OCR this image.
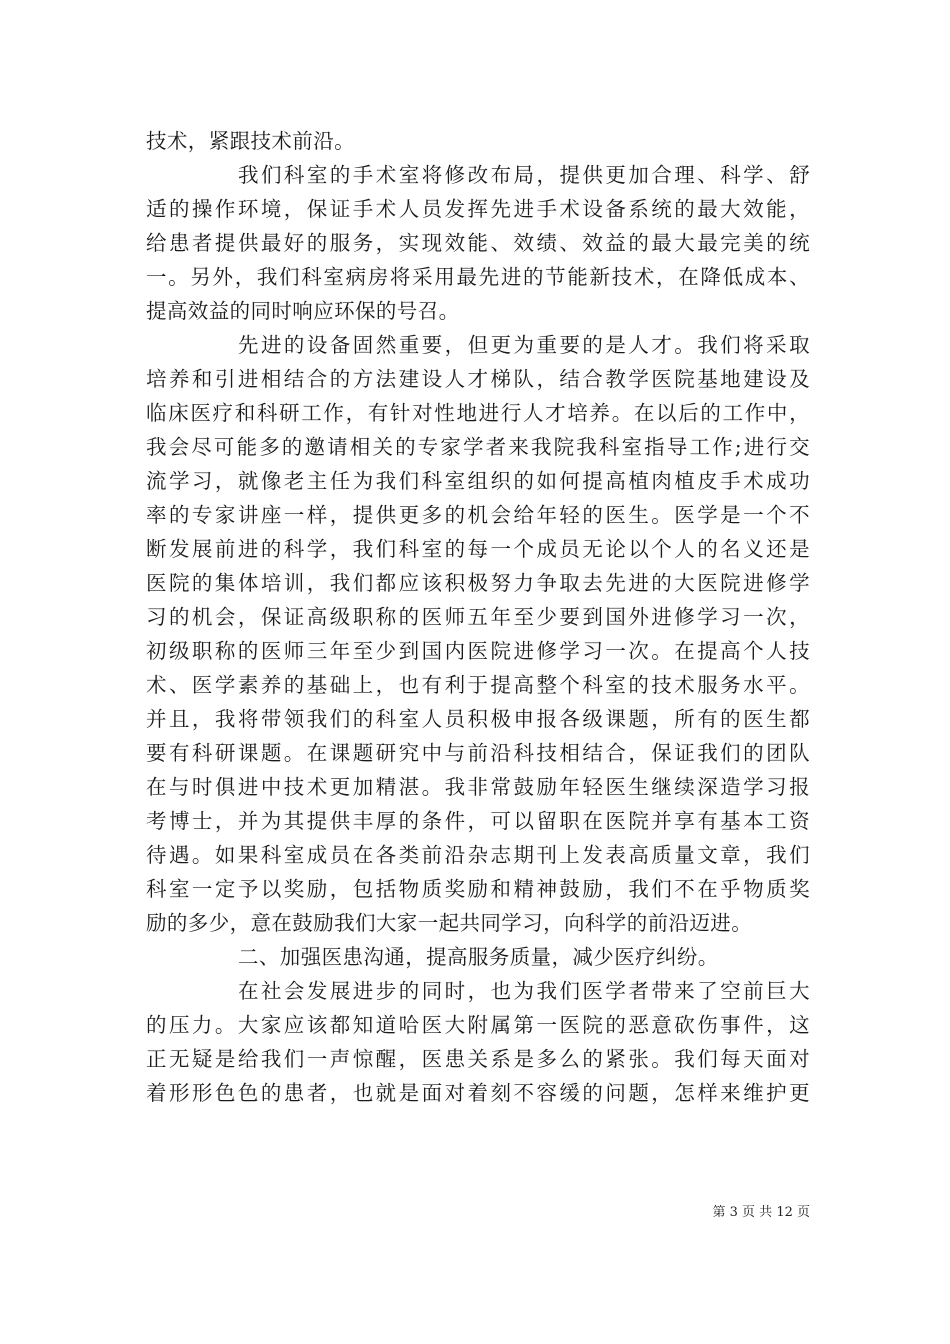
技术，紧跟技术前沿。
我们科室的手术室将修改布局，提供更加合理、科学、舒
适的操作环境，保证手术人员发挥先进手术设备系统的最大效能，
给患者提供最好的服务，实现效能、效绩、效益的最大最完美的统
一。另外，我们科室病房将采用最先进的节能新技术，在降低成本、
提高效益的同时响应环保的号召。
先进的设备固然重要，但更为重要的是人才。我们将采取
培养和引进相结合的方法建设人才梯队，结合教学医院基地建设及
临床医疗和科研工作，有针对性地进行人才培养。在以后的工作中，
我会尽可能多的邀请相关的专家学者来我院我科室指导工作;进行交
流学习，就像老主任为我们科室组织的如何提高植肉植皮手术成功
率的专家讲座一样，提供更多的机会给年轻的医生。医学是一个不
断发展前进的科学，我们科室的每一个成员无论以个人的名义还是
医院的集体培训，我们都应该积极努力争取去先进的大医院进修学
习的机会，保证高级职称的医师五年至少要到国外进修学习一次，
初级职称的医师三年至少到国内医院进修学习一次。在提高个人技
术、医学素养的基础上，也有利于提高整个科室的技术服务水平。
并且，我将带领我们的科室人员积极申报各级课题，所有的医生都
要有科研课题。在课题研究中与前沿科技相结合，保证我们的团队
在与时俱进中技术更加精湛。我非常鼓励年轻医生继续深造学习报
考博士，并为其提供丰厚的条件，可以留职在医院并享有基本工资
待遇。如果科室成员在各类前沿杂志期刊上发表高质量文章，我们
科室一定予以奖励，包括物质奖励和精神鼓励，我们不在乎物质奖
励的多少，意在鼓励我们大家一起共同学习，向科学的前沿迈进。
二、加强医患沟通，提高服务质量，减少医疗纠纷。
在社会发展进步的同时，也为我们医学者带来了空前巨大
的压力。大家应该都知道哈医大附属第一医院的恶意砍伤事件，这
正无疑是给我们一声惊醒，医患关系是多么的紧张。我们每天面对
着形形色色的患者，也就是面对着刻不容缓的问题，怎样来维护更
第 3 页 共 12 页
